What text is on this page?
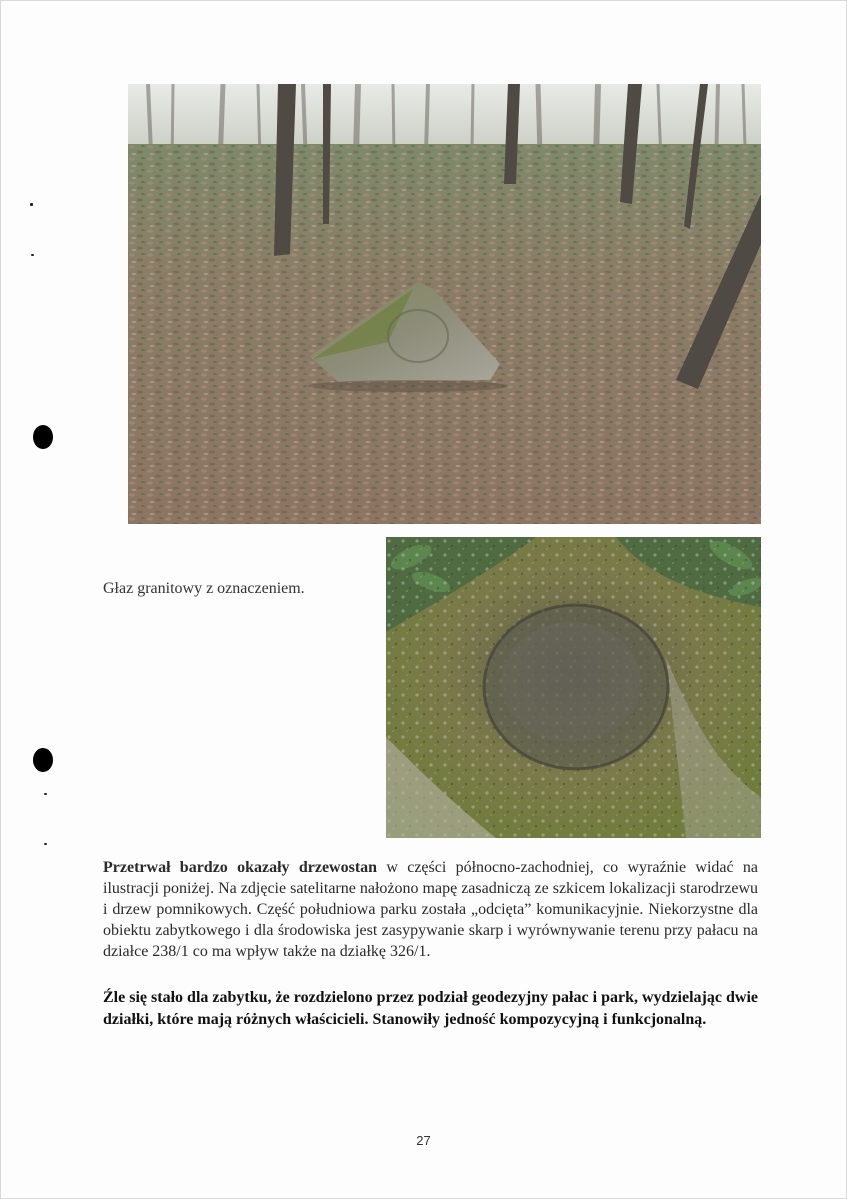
Głaz granitowy z oznaczeniem.
Przetrwał bardzo okazały drzewostan w części północno-zachodniej, co wyraźnie widać na ilustracji poniżej. Na zdjęcie satelitarne nałożono mapę zasadniczą ze szkicem lokalizacji starodrzewu i drzew pomnikowych. Część południowa parku została „odcięta” komunikacyjnie. Niekorzystne dla obiektu zabytkowego i dla środowiska jest zasypywanie skarp i wyrównywanie terenu przy pałacu na działce 238/1 co ma wpływ także na działkę 326/1.
Źle się stało dla zabytku, że rozdzielono przez podział geodezyjny pałac i park, wydzielając dwie działki, które mają różnych właścicieli. Stanowiły jedność kompozycyjną i funkcjonalną.
27
